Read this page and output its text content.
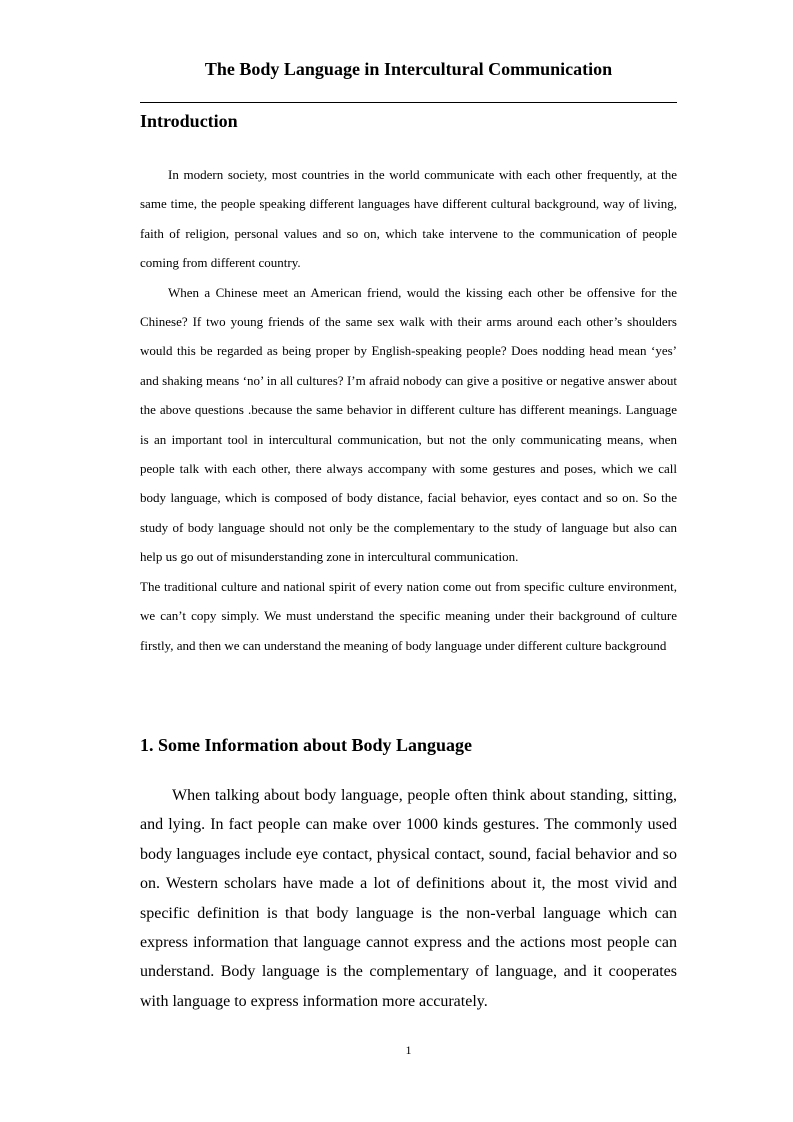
The Body Language in Intercultural Communication
Introduction

In modern society, most countries in the world communicate with each other frequently, at the same time, the people speaking different languages have different cultural background, way of living, faith of religion, personal values and so on, which take intervene to the communication of people coming from different country.

When a Chinese meet an American friend, would the kissing each other be offensive for the Chinese? If two young friends of the same sex walk with their arms around each other’s shoulders would this be regarded as being proper by English-speaking people? Does nodding head mean ‘yes’ and shaking means ‘no’ in all cultures? I’m afraid nobody can give a positive or negative answer about the above questions .because the same behavior in different culture has different meanings. Language is an important tool in intercultural communication, but not the only communicating means, when people talk with each other, there always accompany with some gestures and poses, which we call body language, which is composed of body distance, facial behavior, eyes contact and so on. So the study of body language should not only be the complementary to the study of language but also can help us go out of misunderstanding zone in intercultural communication.

The traditional culture and national spirit of every nation come out from specific culture environment, we can’t copy simply. We must understand the specific meaning under their background of culture firstly, and then we can understand the meaning of body language under different culture background

1. Some Information about Body Language

When talking about body language, people often think about standing, sitting, and lying. In fact people can make over 1000 kinds gestures. The commonly used body languages include eye contact, physical contact, sound, facial behavior and so on. Western scholars have made a lot of definitions about it, the most vivid and specific definition is that body language is the non-verbal language which can express information that language cannot express and the actions most people can understand. Body language is the complementary of language, and it cooperates with language to express information more accurately.

1
